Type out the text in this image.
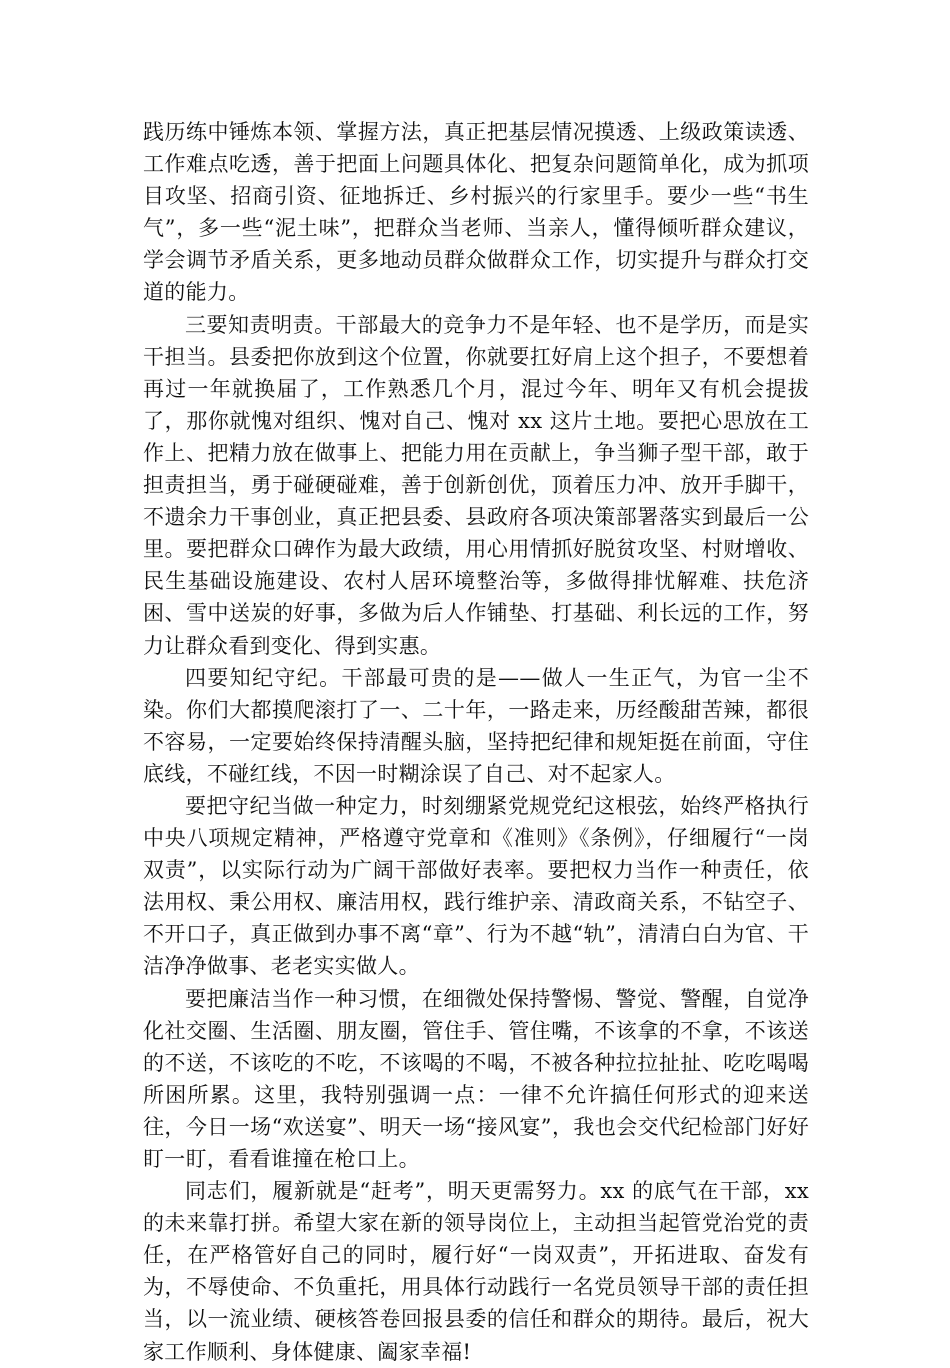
践历练中锤炼本领、掌握方法，真正把基层情况摸透、上级政策读透、工作难点吃透，善于把面上问题具体化、把复杂问题简单化，成为抓项目攻坚、招商引资、征地拆迁、乡村振兴的行家里手。要少一些“书生气”，多一些“泥土味”，把群众当老师、当亲人，懂得倾听群众建议，学会调节矛盾关系，更多地动员群众做群众工作，切实提升与群众打交道的能力。

三要知责明责。干部最大的竞争力不是年轻、也不是学历，而是实干担当。县委把你放到这个位置，你就要扛好肩上这个担子，不要想着再过一年就换届了，工作熟悉几个月，混过今年、明年又有机会提拔了，那你就愧对组织、愧对自己、愧对 xx 这片土地。要把心思放在工作上、把精力放在做事上、把能力用在贡献上，争当狮子型干部，敢于担责担当，勇于碰硬碰难，善于创新创优，顶着压力冲、放开手脚干，不遗余力干事创业，真正把县委、县政府各项决策部署落实到最后一公里。要把群众口碑作为最大政绩，用心用情抓好脱贫攻坚、村财增收、民生基础设施建设、农村人居环境整治等，多做得排忧解难、扶危济困、雪中送炭的好事，多做为后人作铺垫、打基础、利长远的工作，努力让群众看到变化、得到实惠。

四要知纪守纪。干部最可贵的是——做人一生正气，为官一尘不染。你们大都摸爬滚打了一、二十年，一路走来，历经酸甜苦辣，都很不容易，一定要始终保持清醒头脑，坚持把纪律和规矩挺在前面，守住底线，不碰红线，不因一时糊涂误了自己、对不起家人。

要把守纪当做一种定力，时刻绷紧党规党纪这根弦，始终严格执行中央八项规定精神，严格遵守党章和《准则》《条例》，仔细履行“一岗双责”，以实际行动为广阔干部做好表率。要把权力当作一种责任，依法用权、秉公用权、廉洁用权，践行维护亲、清政商关系，不钻空子、不开口子，真正做到办事不离“章”、行为不越“轨”，清清白白为官、干洁净净做事、老老实实做人。

要把廉洁当作一种习惯，在细微处保持警惕、警觉、警醒，自觉净化社交圈、生活圈、朋友圈，管住手、管住嘴，不该拿的不拿，不该送的不送，不该吃的不吃，不该喝的不喝，不被各种拉拉扯扯、吃吃喝喝所困所累。这里，我特别强调一点：一律不允许搞任何形式的迎来送往，今日一场“欢送宴”、明天一场“接风宴”，我也会交代纪检部门好好盯一盯，看看谁撞在枪口上。

同志们，履新就是“赶考”，明天更需努力。xx 的底气在干部，xx 的未来靠打拼。希望大家在新的领导岗位上，主动担当起管党治党的责任，在严格管好自己的同时，履行好“一岗双责”，开拓进取、奋发有为，不辱使命、不负重托，用具体行动践行一名党员领导干部的责任担当，以一流业绩、硬核答卷回报县委的信任和群众的期待。最后，祝大家工作顺利、身体健康、阖家幸福!
